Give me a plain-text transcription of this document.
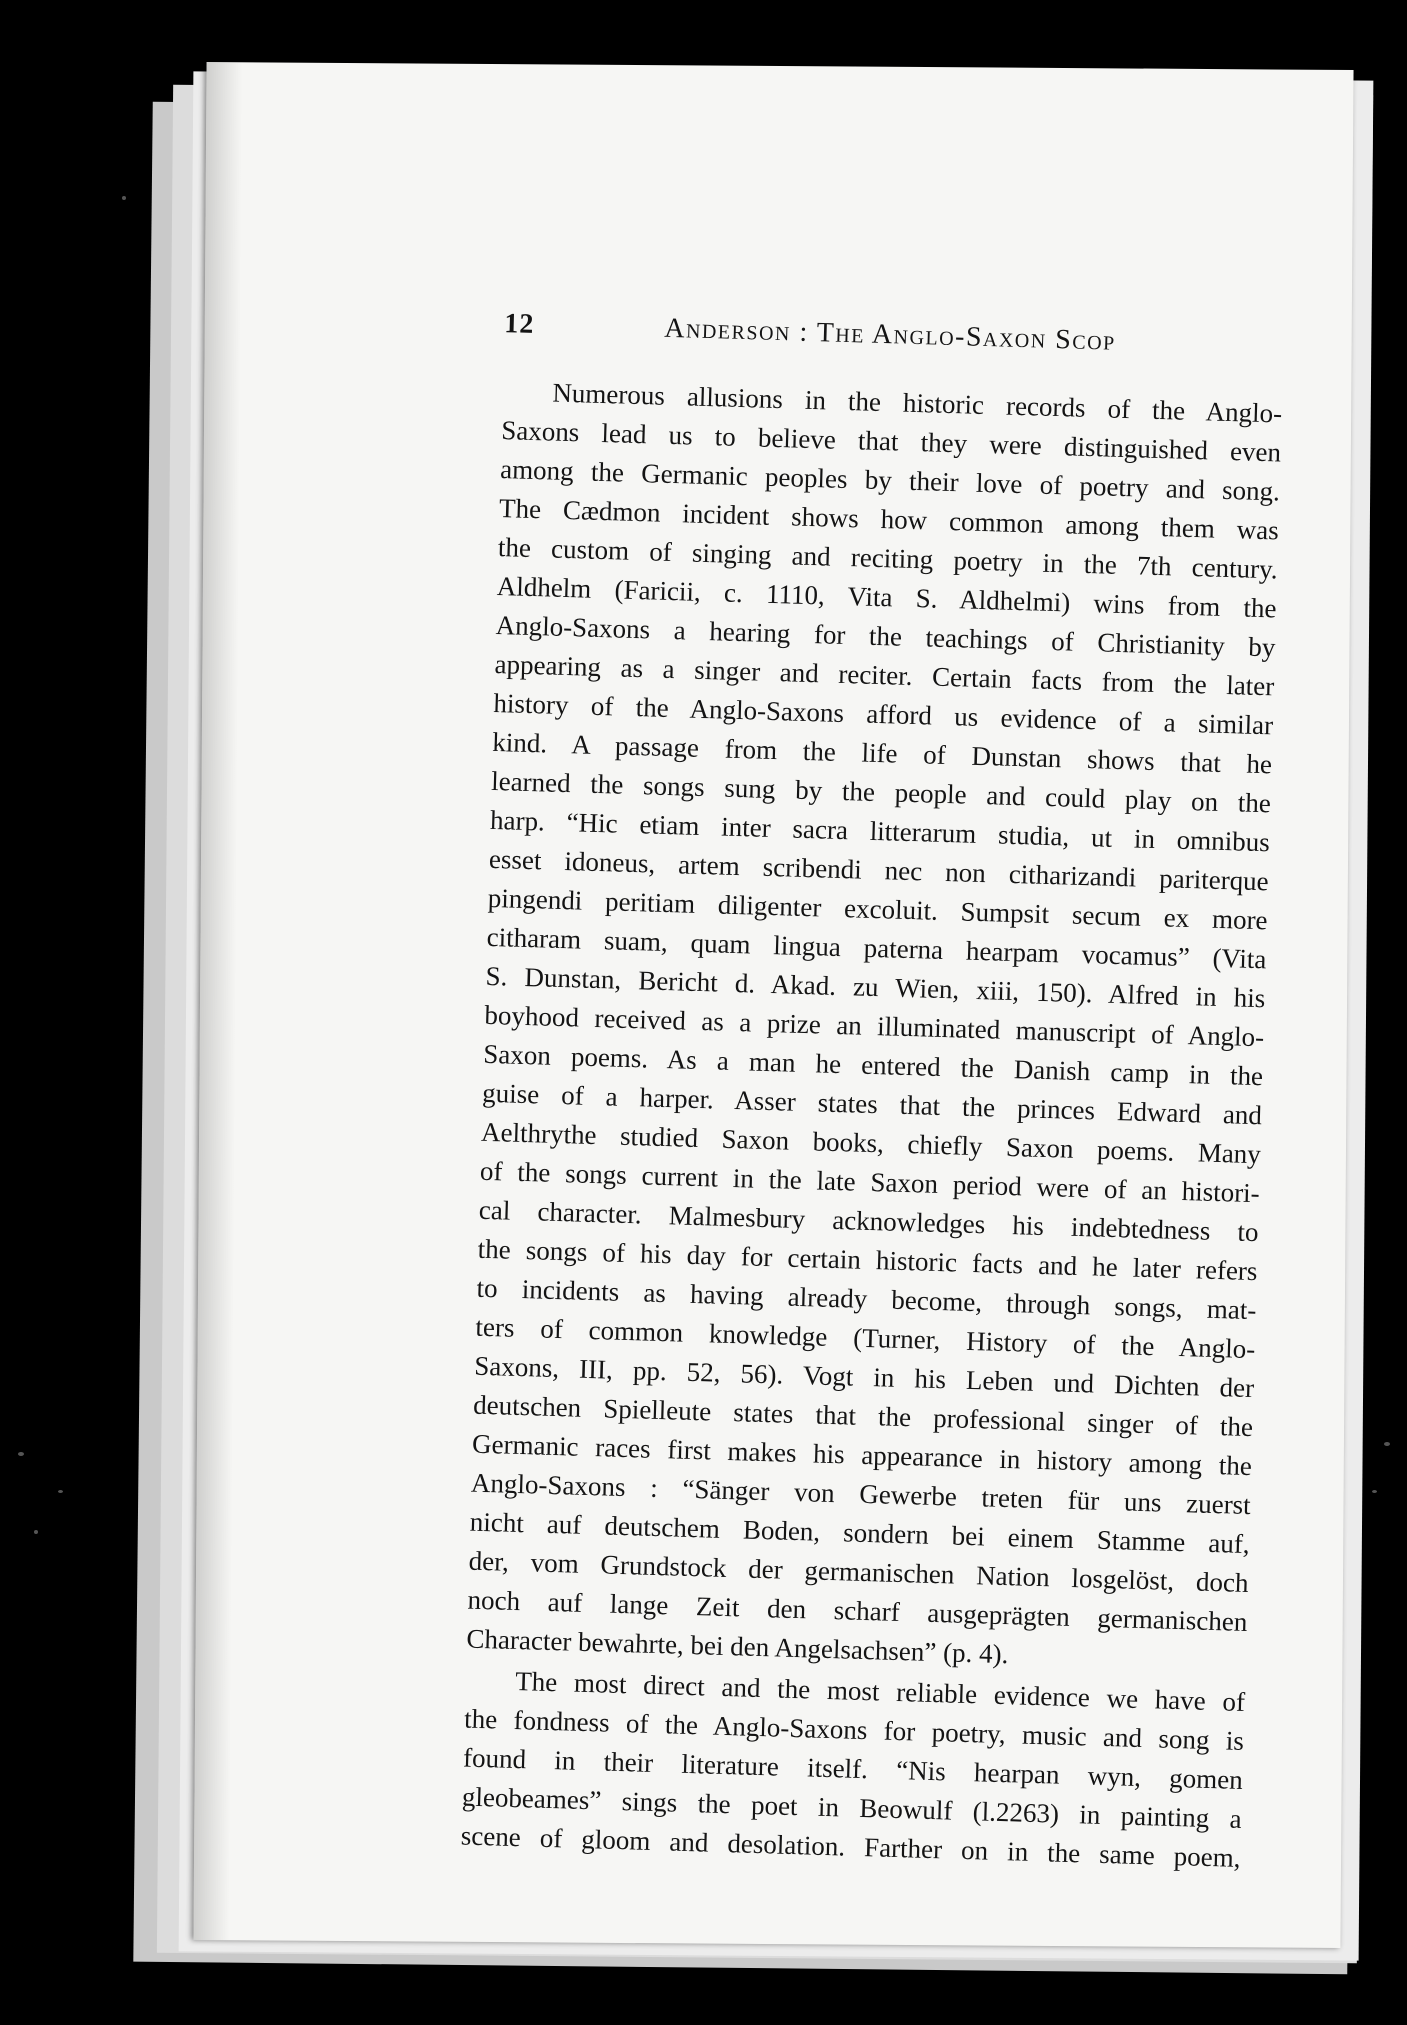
12	Anderson : The Anglo-Saxon Scop
Numerous allusions in the historic records of the Anglo-
Saxons lead us to believe that they were distinguished even
among the Germanic peoples by their love of poetry and song.
The Cædmon incident shows how common among them was
the custom of singing and reciting poetry in the 7th century.
Aldhelm (Faricii, c. 1110, Vita S. Aldhelmi) wins from the
Anglo-Saxons a hearing for the teachings of Christianity by
appearing as a singer and reciter. Certain facts from the later
history of the Anglo-Saxons afford us evidence of a similar
kind. A passage from the life of Dunstan shows that he
learned the songs sung by the people and could play on the
harp. “Hic etiam inter sacra litterarum studia, ut in omnibus
esset idoneus, artem scribendi nec non citharizandi pariterque
pingendi peritiam diligenter excoluit. Sumpsit secum ex more
citharam suam, quam lingua paterna hearpam vocamus” (Vita
S. Dunstan, Bericht d. Akad. zu Wien, xiii, 150). Alfred in his
boyhood received as a prize an illuminated manuscript of Anglo-
Saxon poems. As a man he entered the Danish camp in the
guise of a harper. Asser states that the princes Edward and
Aelthrythe studied Saxon books, chiefly Saxon poems. Many
of the songs current in the late Saxon period were of an histori-
cal character. Malmesbury acknowledges his indebtedness to
the songs of his day for certain historic facts and he later refers
to incidents as having already become, through songs, mat-
ters of common knowledge (Turner, History of the Anglo-
Saxons, III, pp. 52, 56). Vogt in his Leben und Dichten der
deutschen Spielleute states that the professional singer of the
Germanic races first makes his appearance in history among the
Anglo-Saxons : “Sänger von Gewerbe treten für uns zuerst
nicht auf deutschem Boden, sondern bei einem Stamme auf,
der, vom Grundstock der germanischen Nation losgelöst, doch
noch auf lange Zeit den scharf ausgeprägten germanischen
Character bewahrte, bei den Angelsachsen” (p. 4).
The most direct and the most reliable evidence we have of
the fondness of the Anglo-Saxons for poetry, music and song is
found in their literature itself. “Nis hearpan wyn, gomen
gleobeames” sings the poet in Beowulf (l.2263) in painting a
scene of gloom and desolation. Farther on in the same poem,
